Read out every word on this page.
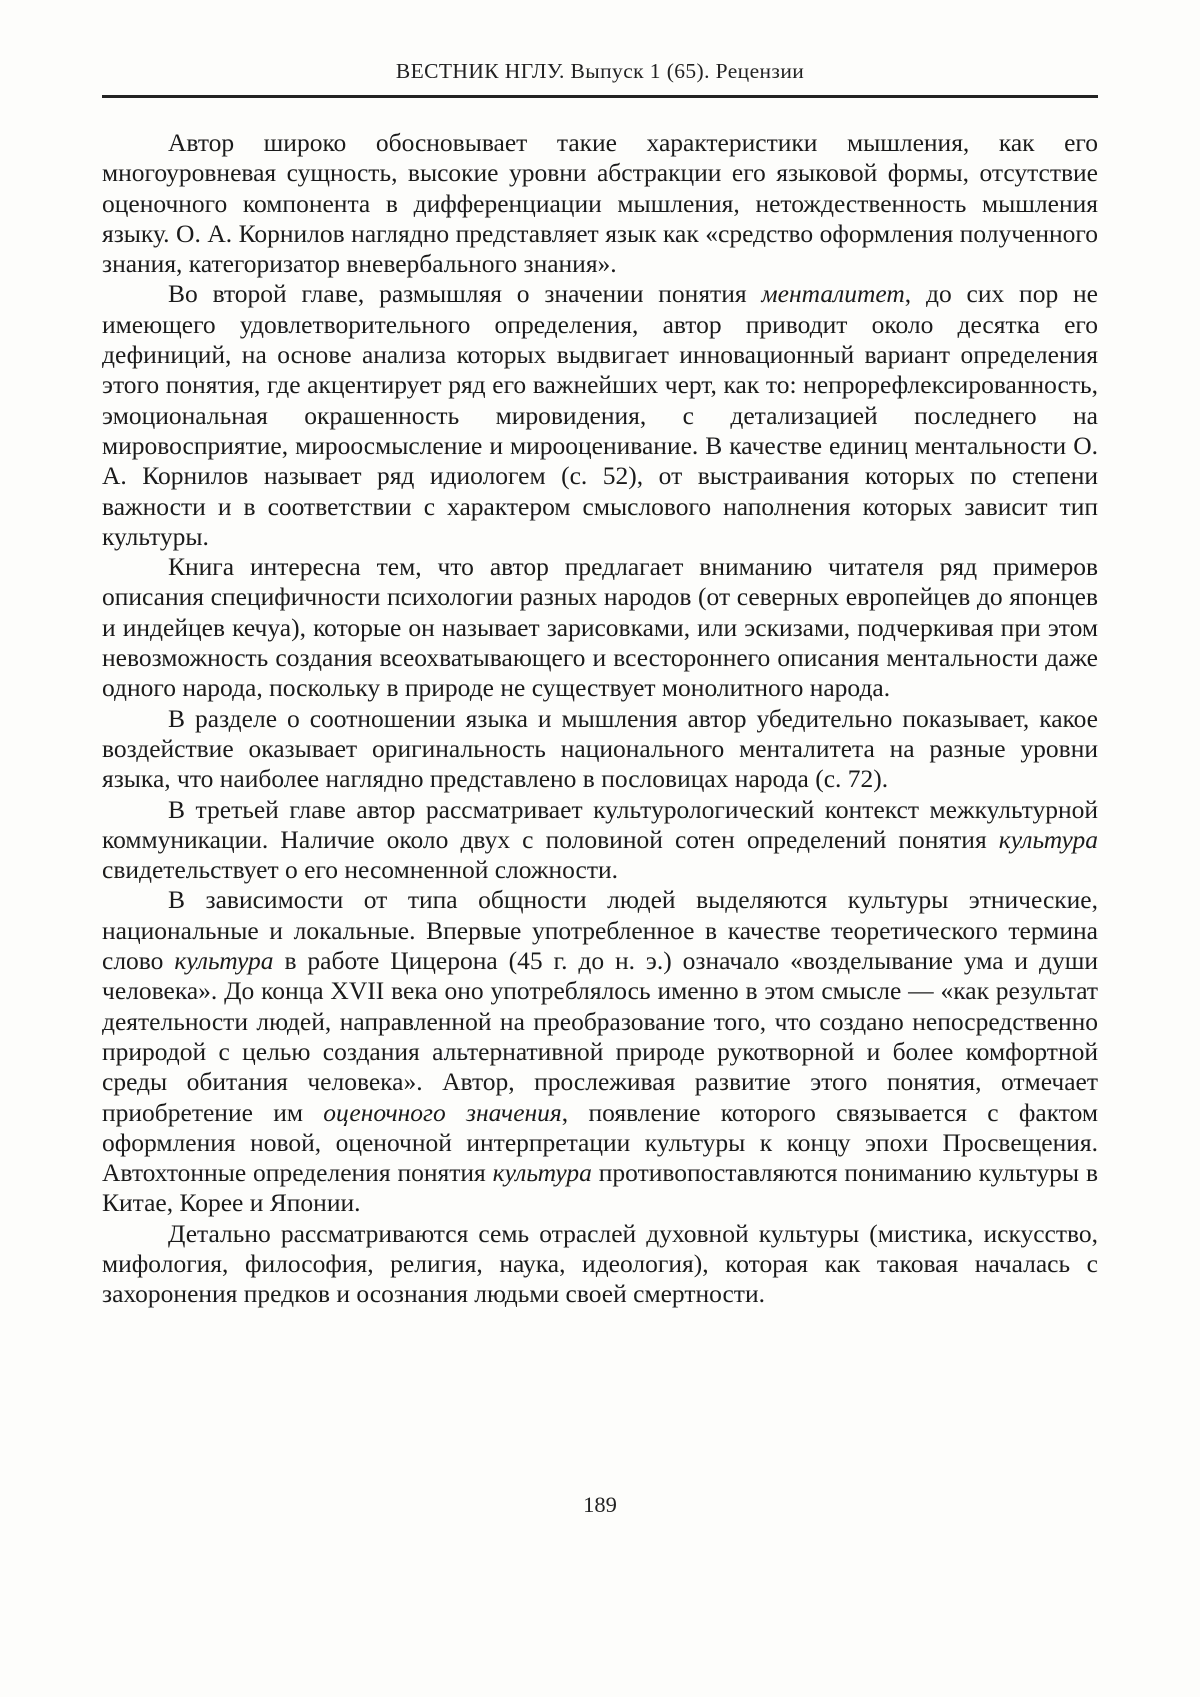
ВЕСТНИК НГЛУ. Выпуск 1 (65). Рецензии

Автор широко обосновывает такие характеристики мышления, как его многоуровневая сущность, высокие уровни абстракции его языковой формы, отсутствие оценочного компонента в дифференциации мышления, нетождественность мышления языку. О. А. Корнилов наглядно представляет язык как «средство оформления полученного знания, категоризатор вневербального знания».

Во второй главе, размышляя о значении понятия менталитет, до сих пор не имеющего удовлетворительного определения, автор приводит около десятка его дефиниций, на основе анализа которых выдвигает инновационный вариант определения этого понятия, где акцентирует ряд его важнейших черт, как то: непрорефлексированность, эмоциональная окрашенность мировидения, с детализацией последнего на мировосприятие, мироосмысление и мирооценивание. В качестве единиц ментальности О. А. Корнилов называет ряд идиологем (с. 52), от выстраивания которых по степени важности и в соответствии с характером смыслового наполнения которых зависит тип культуры.

Книга интересна тем, что автор предлагает вниманию читателя ряд примеров описания специфичности психологии разных народов (от северных европейцев до японцев и индейцев кечуа), которые он называет зарисовками, или эскизами, подчеркивая при этом невозможность создания всеохватывающего и всестороннего описания ментальности даже одного народа, поскольку в природе не существует монолитного народа.

В разделе о соотношении языка и мышления автор убедительно показывает, какое воздействие оказывает оригинальность национального менталитета на разные уровни языка, что наиболее наглядно представлено в пословицах народа (с. 72).

В третьей главе автор рассматривает культурологический контекст межкультурной коммуникации. Наличие около двух с половиной сотен определений понятия культура свидетельствует о его несомненной сложности.

В зависимости от типа общности людей выделяются культуры этнические, национальные и локальные. Впервые употребленное в качестве теоретического термина слово культура в работе Цицерона (45 г. до н. э.) означало «возделывание ума и души человека». До конца XVII века оно употреблялось именно в этом смысле — «как результат деятельности людей, направленной на преобразование того, что создано непосредственно природой с целью создания альтернативной природе рукотворной и более комфортной среды обитания человека». Автор, прослеживая развитие этого понятия, отмечает приобретение им оценочного значения, появление которого связывается с фактом оформления новой, оценочной интерпретации культуры к концу эпохи Просвещения. Автохтонные определения понятия культура противопоставляются пониманию культуры в Китае, Корее и Японии.

Детально рассматриваются семь отраслей духовной культуры (мистика, искусство, мифология, философия, религия, наука, идеология), которая как таковая началась с захоронения предков и осознания людьми своей смертности.

189
